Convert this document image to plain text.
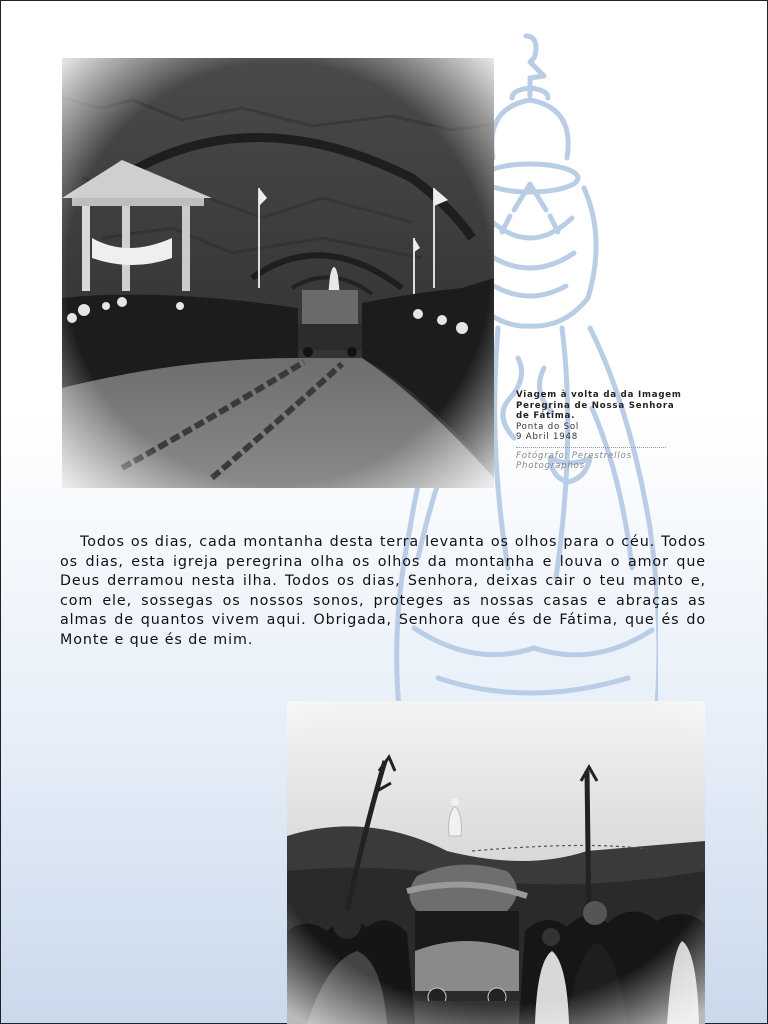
Viagem à volta da da Imagem
Peregrina de Nossa Senhora
de Fátima.
Ponta do Sol
9 Abril 1948
Fotógrafo: Perestrellos
Photographos

Todos os dias, cada montanha desta terra levanta os olhos para o céu. Todos os dias, esta igreja peregrina olha os olhos da montanha e louva o amor que Deus derramou nesta ilha. Todos os dias, Senhora, deixas cair o teu manto e, com ele, sossegas os nossos sonos, proteges as nossas casas e abraças as almas de quantos vivem aqui. Obrigada, Senhora que és de Fátima, que és do Monte e que és de mim.
